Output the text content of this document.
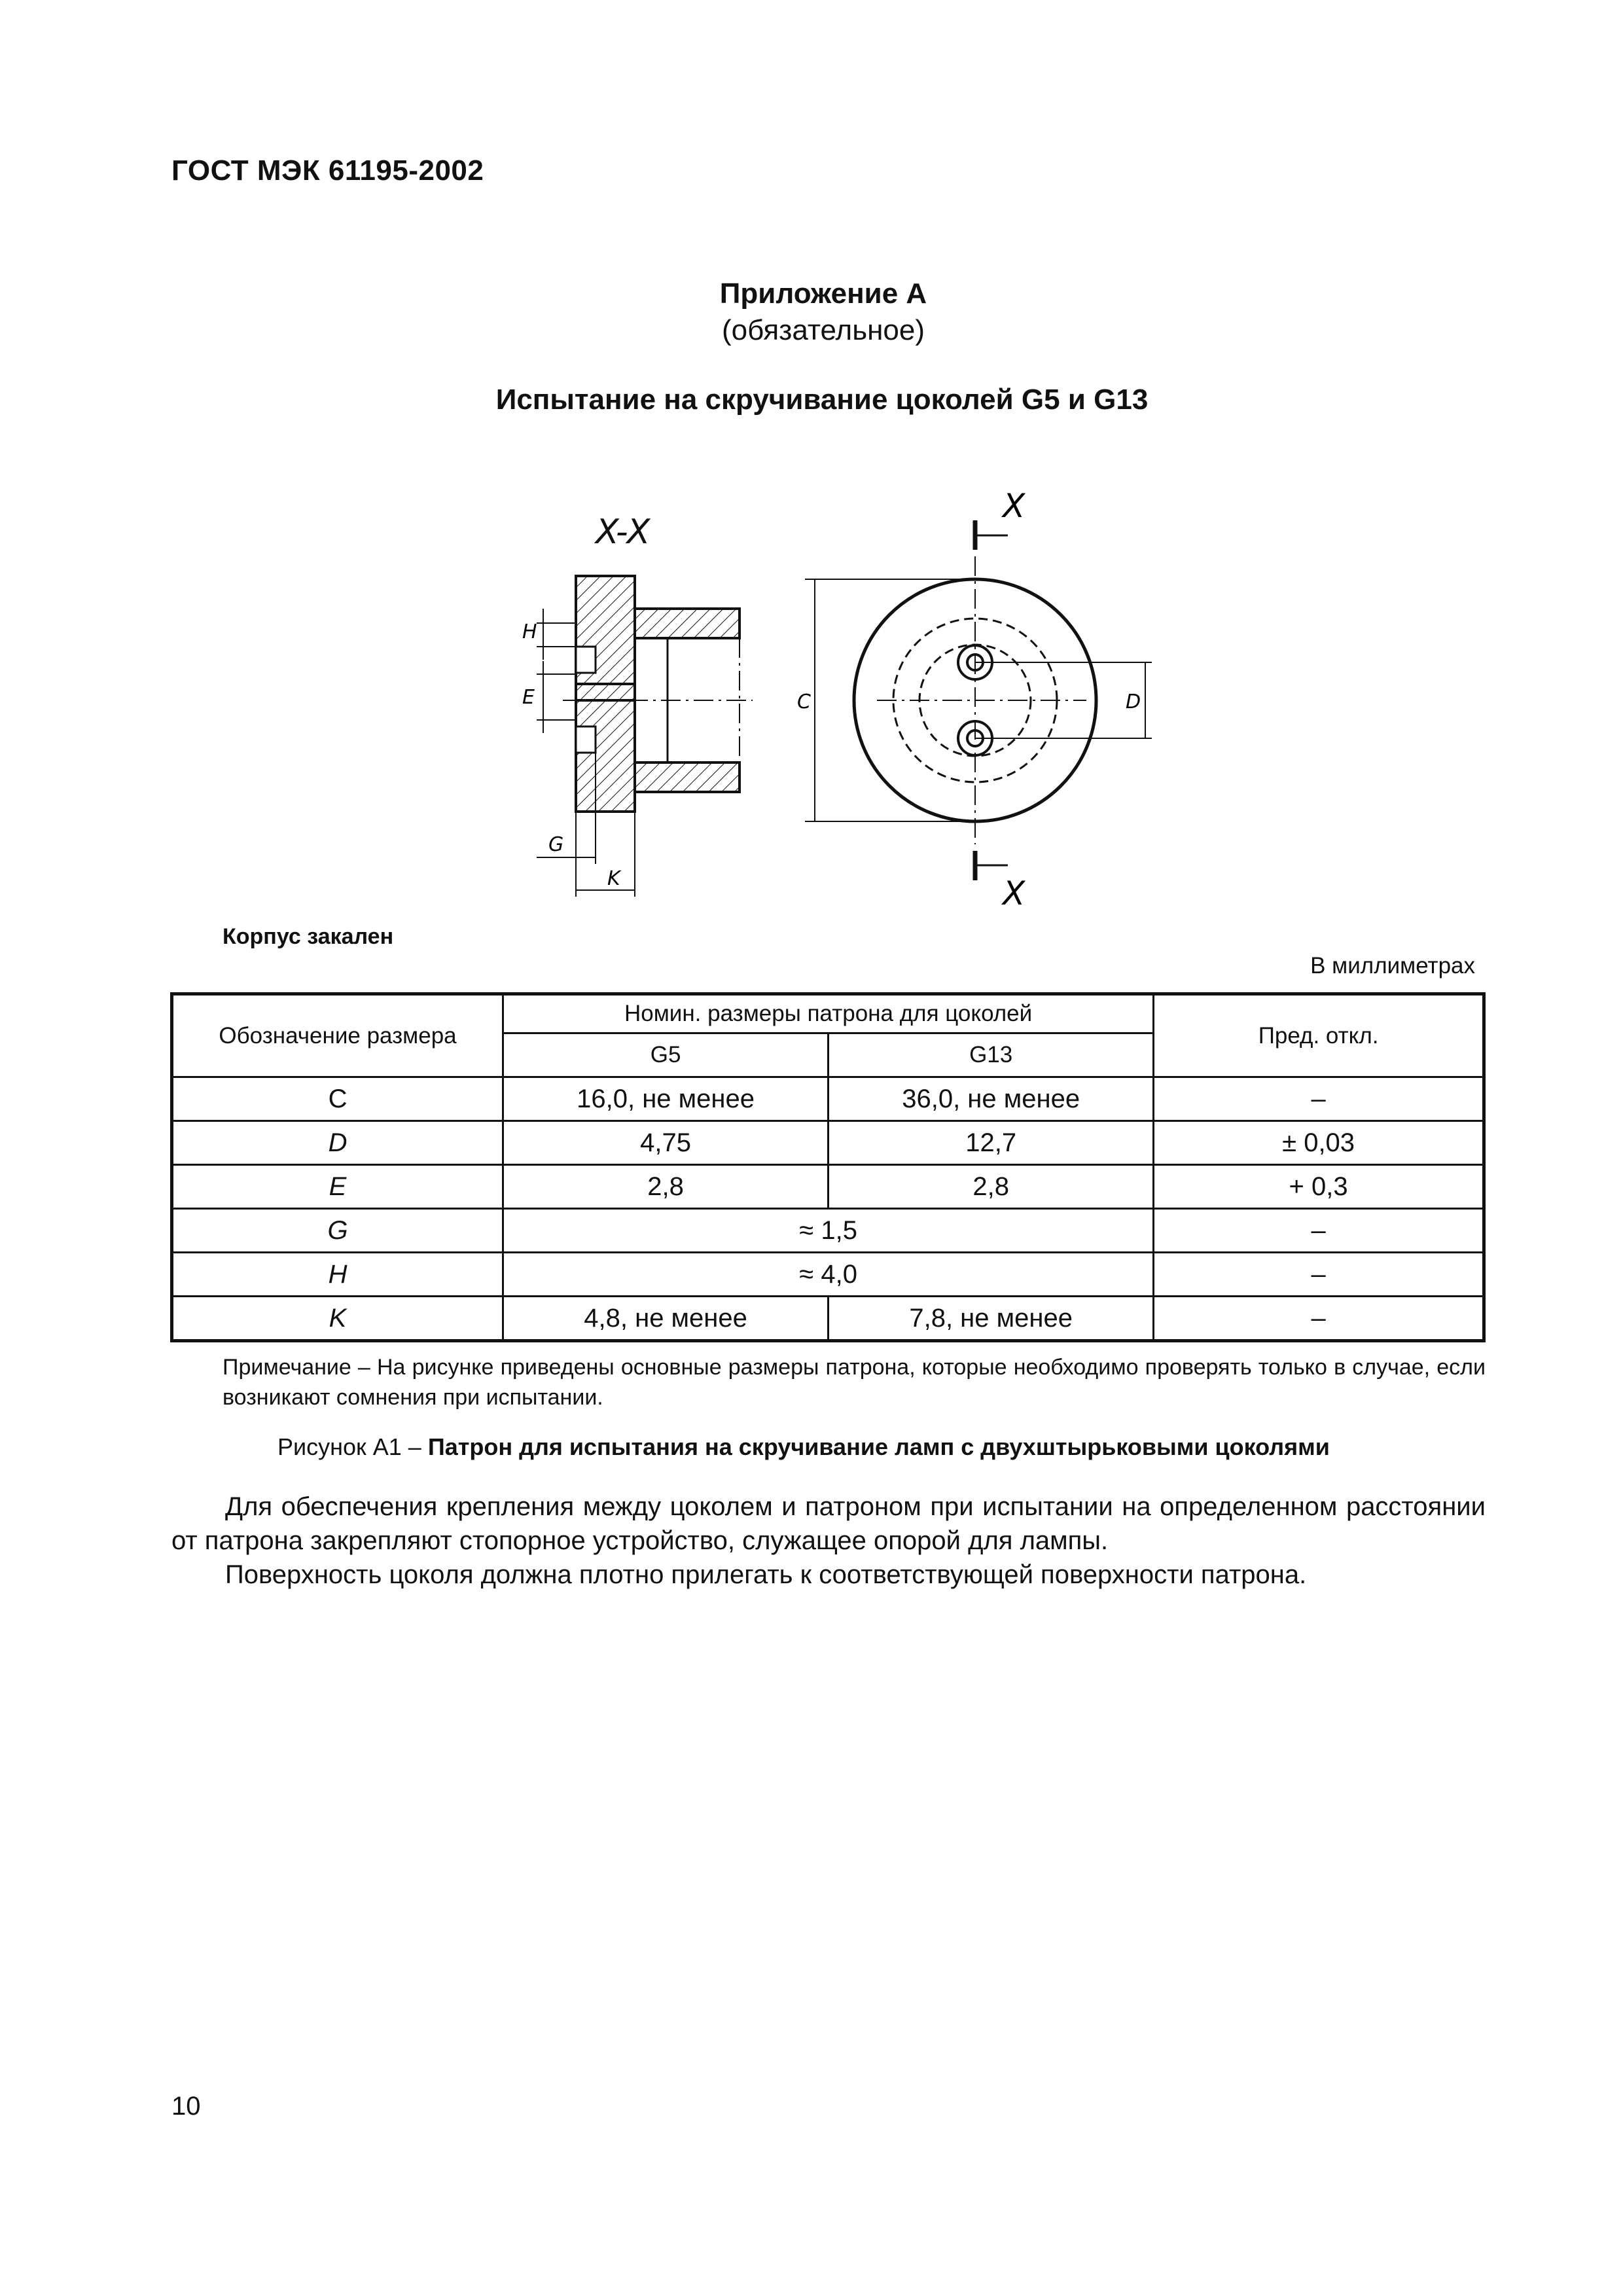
ГОСТ МЭК 61195-2002
Приложение А
(обязательное)
Испытание на скручивание цоколей G5 и G13
X-X
H
E
G
K
C	D
X
X
Корпус закален
В миллиметрах
Обозначение размера	Номин. размеры патрона для цоколей		Пред. откл.
	G5	G13	
C	16,0, не менее	36,0, не менее	–
D	4,75	12,7	± 0,03
E	2,8	2,8	+ 0,3
G	≈ 1,5		–
H	≈ 4,0		–
K	4,8, не менее	7,8, не менее	–
Примечание – На рисунке приведены основные размеры патрона, которые необходимо проверять только в случае, если возникают сомнения при испытании.
Рисунок А1 – Патрон для испытания на скручивание ламп с двухштырьковыми цоколями
Для обеспечения крепления между цоколем и патроном при испытании на определенном расстоянии от патрона закрепляют стопорное устройство, служащее опорой для лампы.
Поверхность цоколя должна плотно прилегать к соответствующей поверхности патрона.
10
